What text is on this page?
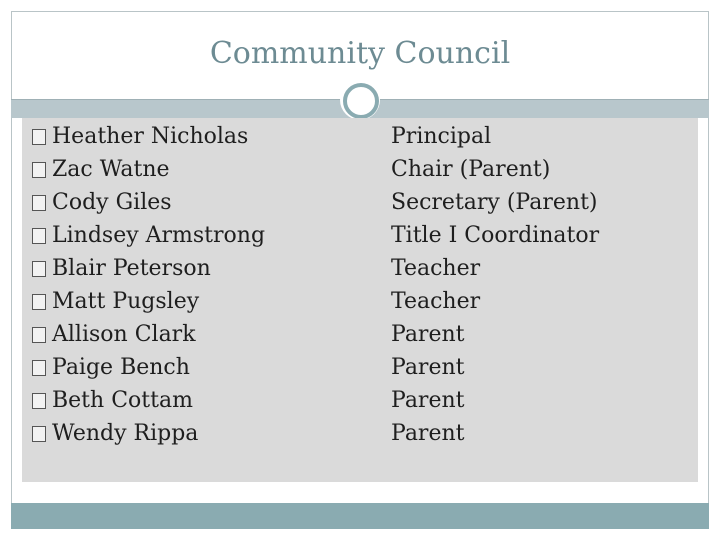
Community Council
Heather Nicholas
Zac Watne
Cody Giles
Lindsey Armstrong
Blair Peterson
Matt Pugsley
Allison Clark
Paige Bench
Beth Cottam
Wendy Rippa
Principal
Chair (Parent)
Secretary (Parent)
Title I Coordinator
Teacher
Teacher
Parent
Parent
Parent
Parent
